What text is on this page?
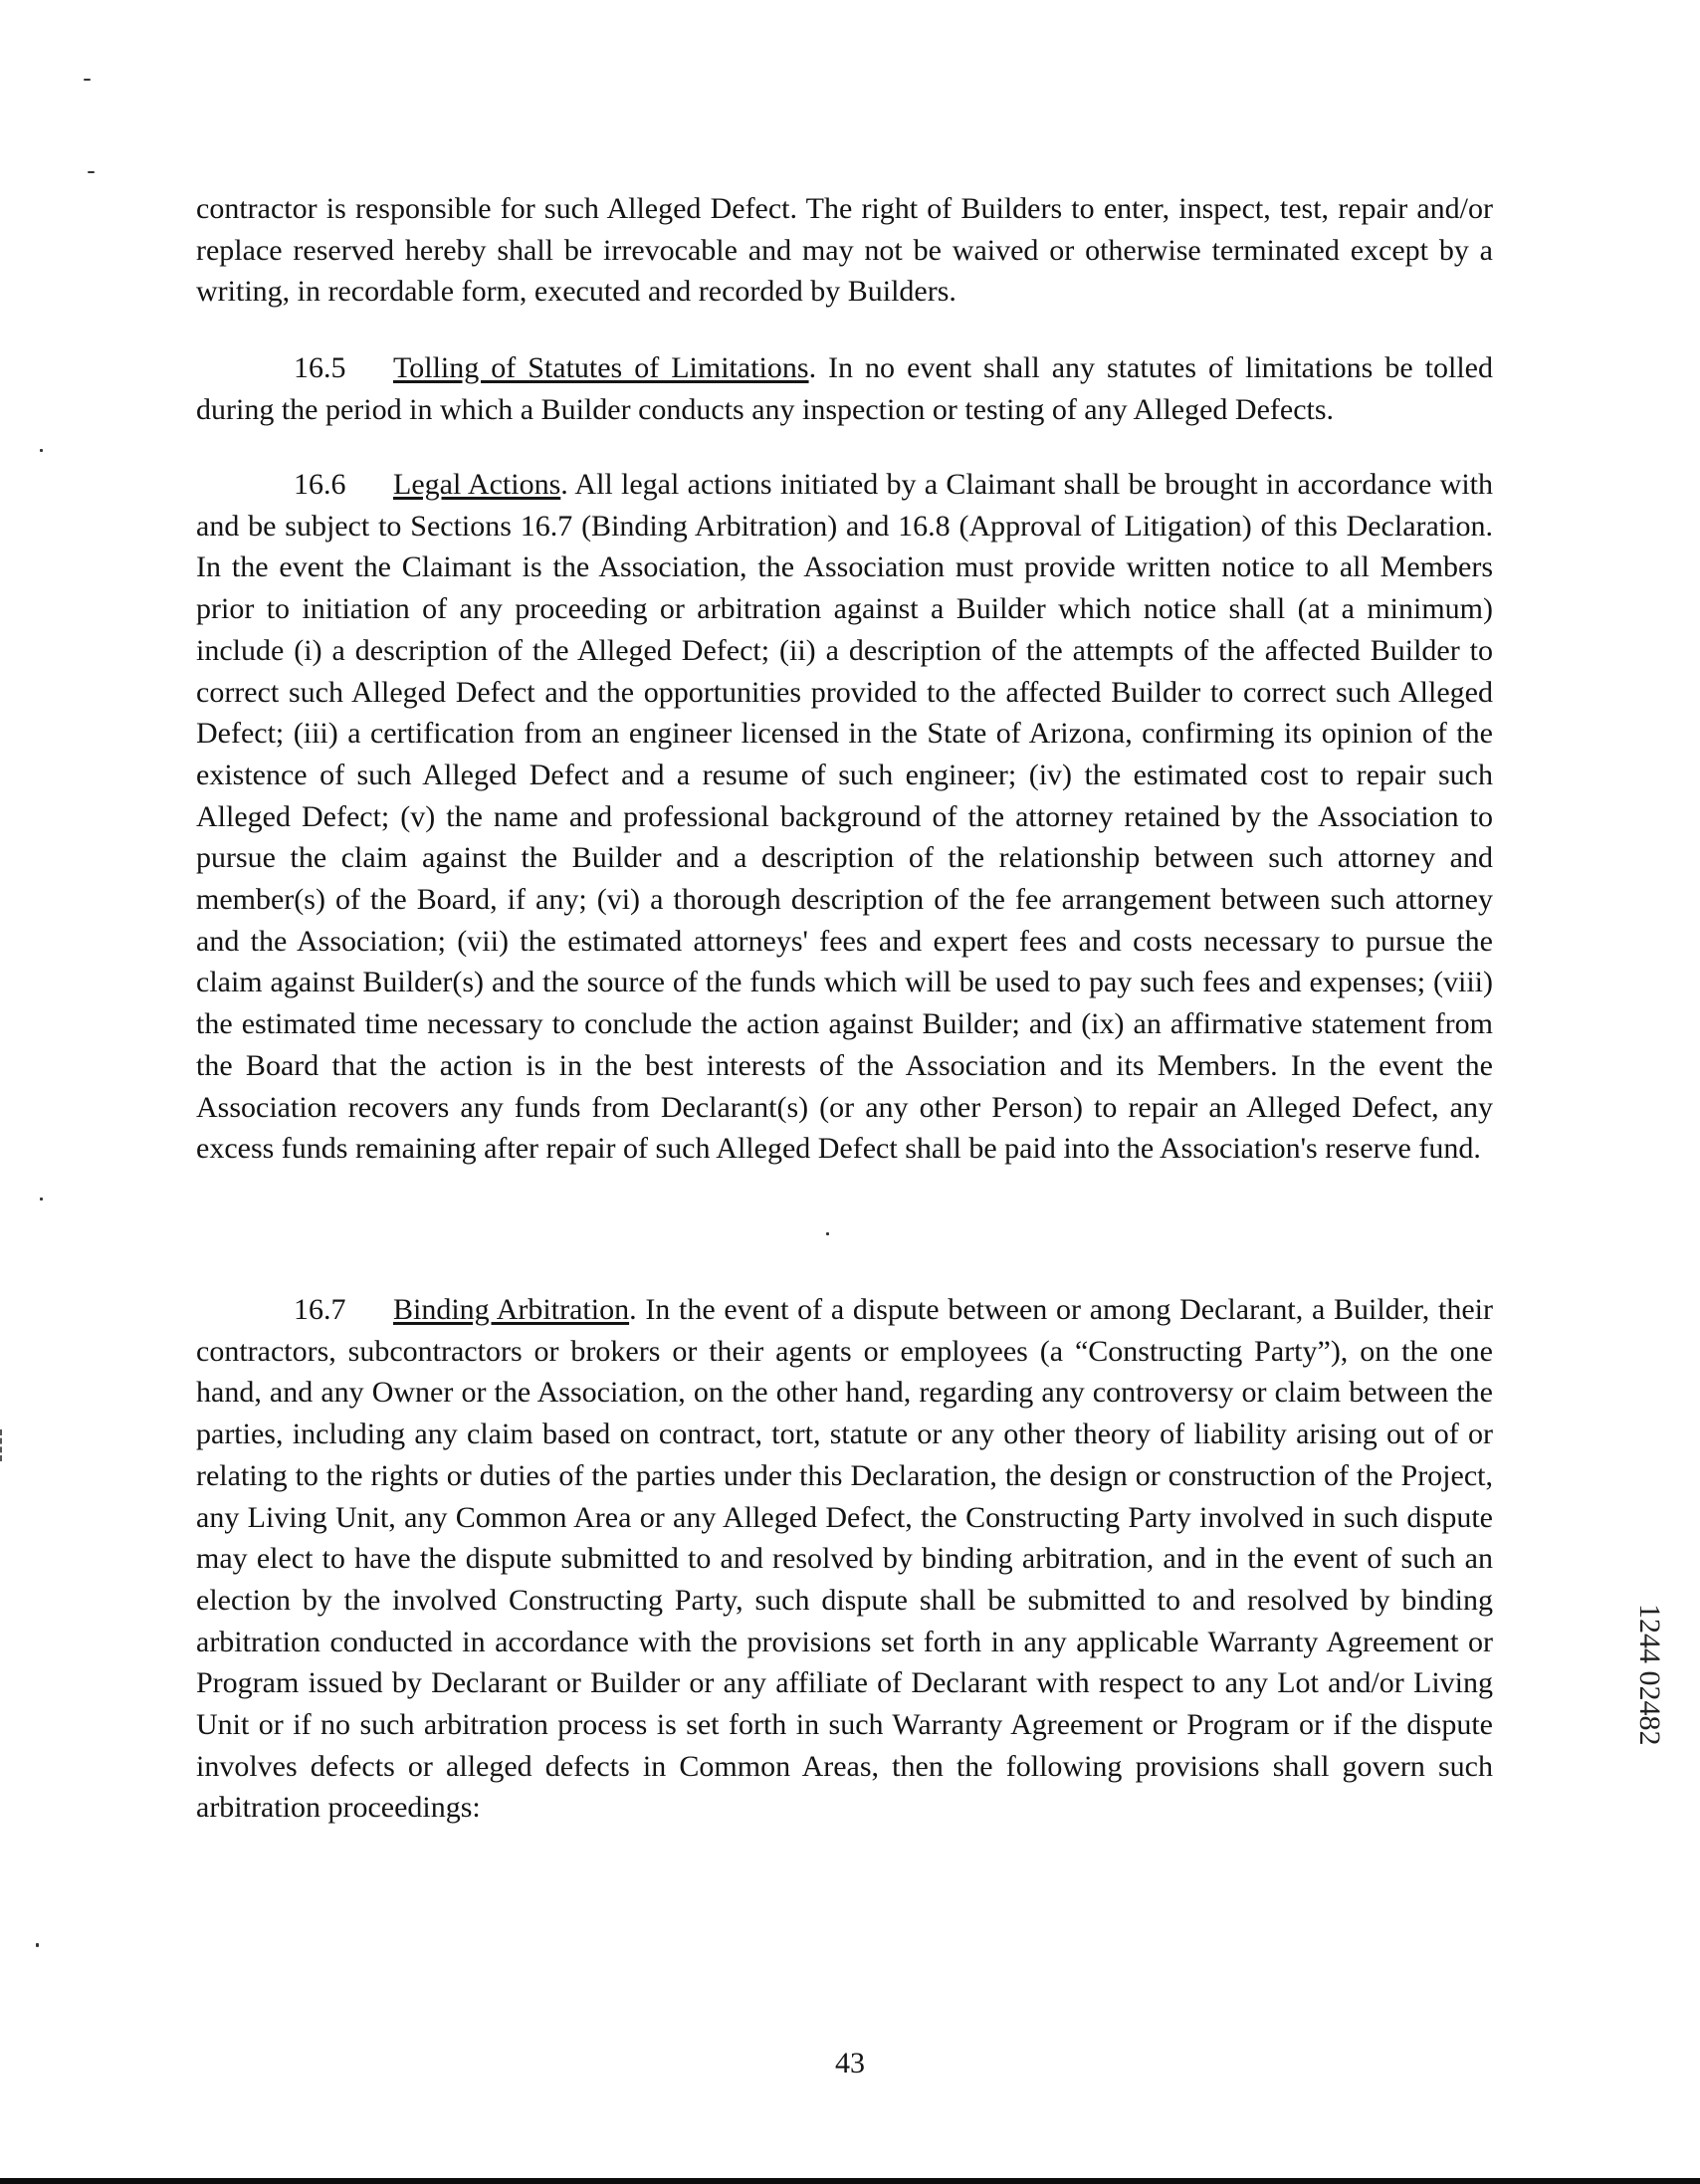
contractor is responsible for such Alleged Defect. The right of Builders to enter, inspect, test, repair and/or replace reserved hereby shall be irrevocable and may not be waived or otherwise terminated except by a writing, in recordable form, executed and recorded by Builders.

16.5 Tolling of Statutes of Limitations. In no event shall any statutes of limitations be tolled during the period in which a Builder conducts any inspection or testing of any Alleged Defects.

16.6 Legal Actions. All legal actions initiated by a Claimant shall be brought in accordance with and be subject to Sections 16.7 (Binding Arbitration) and 16.8 (Approval of Litigation) of this Declaration. In the event the Claimant is the Association, the Association must provide written notice to all Members prior to initiation of any proceeding or arbitration against a Builder which notice shall (at a minimum) include (i) a description of the Alleged Defect; (ii) a description of the attempts of the affected Builder to correct such Alleged Defect and the opportunities provided to the affected Builder to correct such Alleged Defect; (iii) a certification from an engineer licensed in the State of Arizona, confirming its opinion of the existence of such Alleged Defect and a resume of such engineer; (iv) the estimated cost to repair such Alleged Defect; (v) the name and professional background of the attorney retained by the Association to pursue the claim against the Builder and a description of the relationship between such attorney and member(s) of the Board, if any; (vi) a thorough description of the fee arrangement between such attorney and the Association; (vii) the estimated attorneys' fees and expert fees and costs necessary to pursue the claim against Builder(s) and the source of the funds which will be used to pay such fees and expenses; (viii) the estimated time necessary to conclude the action against Builder; and (ix) an affirmative statement from the Board that the action is in the best interests of the Association and its Members. In the event the Association recovers any funds from Declarant(s) (or any other Person) to repair an Alleged Defect, any excess funds remaining after repair of such Alleged Defect shall be paid into the Association's reserve fund.

16.7 Binding Arbitration. In the event of a dispute between or among Declarant, a Builder, their contractors, subcontractors or brokers or their agents or employees (a “Constructing Party”), on the one hand, and any Owner or the Association, on the other hand, regarding any controversy or claim between the parties, including any claim based on contract, tort, statute or any other theory of liability arising out of or relating to the rights or duties of the parties under this Declaration, the design or construction of the Project, any Living Unit, any Common Area or any Alleged Defect, the Constructing Party involved in such dispute may elect to have the dispute submitted to and resolved by binding arbitration, and in the event of such an election by the involved Constructing Party, such dispute shall be submitted to and resolved by binding arbitration conducted in accordance with the provisions set forth in any applicable Warranty Agreement or Program issued by Declarant or Builder or any affiliate of Declarant with respect to any Lot and/or Living Unit or if no such arbitration process is set forth in such Warranty Agreement or Program or if the dispute involves defects or alleged defects in Common Areas, then the following provisions shall govern such arbitration proceedings:

43

1244 02482
